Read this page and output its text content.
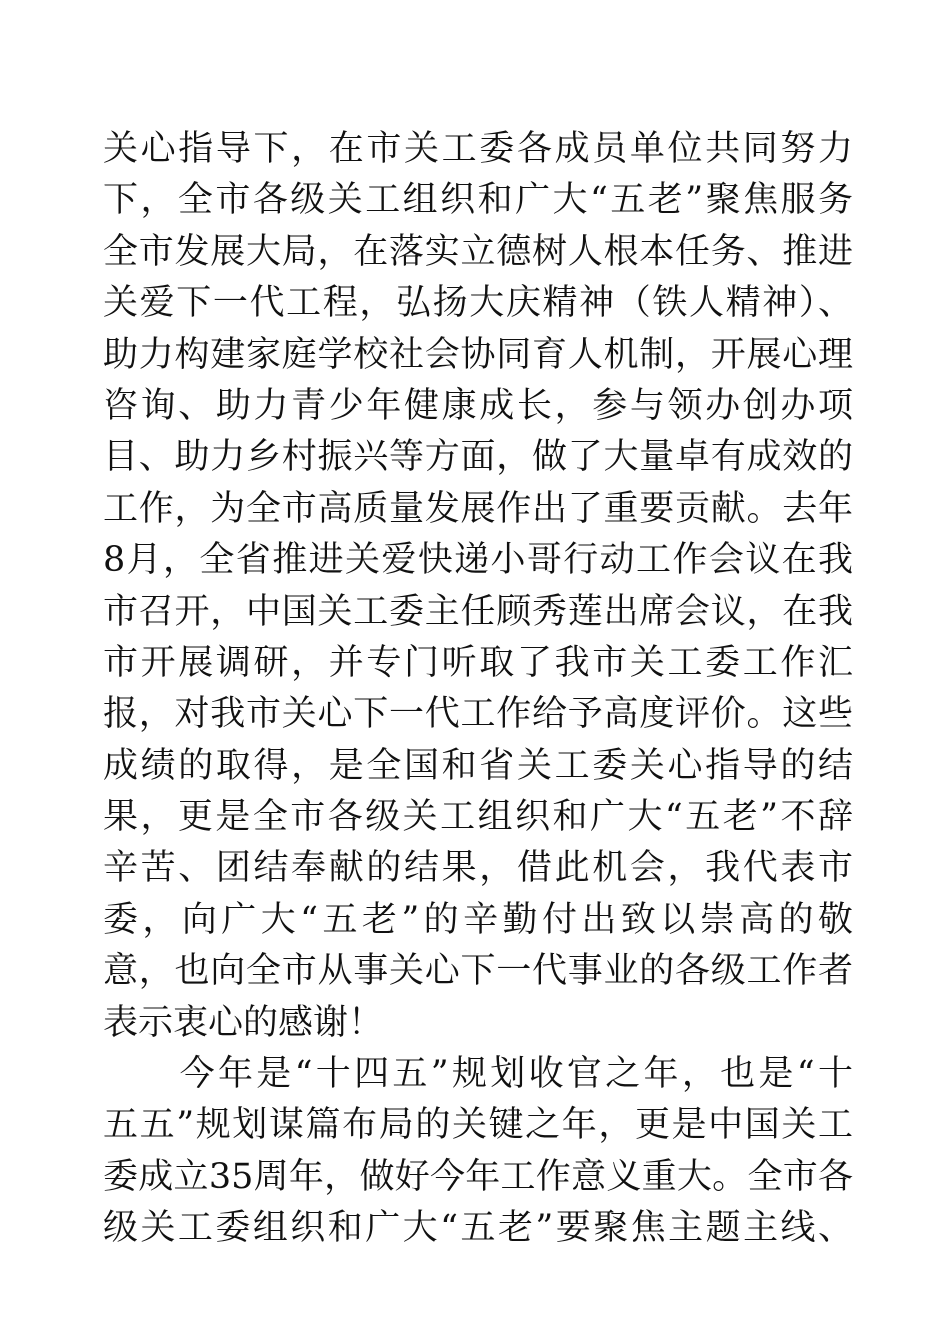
关心指导下，在市关工委各成员单位共同努力
下，全市各级关工组织和广大“五老”聚焦服务
全市发展大局，在落实立德树人根本任务、推进
关爱下一代工程，弘扬大庆精神（铁人精神）、
助力构建家庭学校社会协同育人机制，开展心理
咨询、助力青少年健康成长，参与领办创办项
目、助力乡村振兴等方面，做了大量卓有成效的
工作，为全市高质量发展作出了重要贡献。去年
8月，全省推进关爱快递小哥行动工作会议在我
市召开，中国关工委主任顾秀莲出席会议，在我
市开展调研，并专门听取了我市关工委工作汇
报，对我市关心下一代工作给予高度评价。这些
成绩的取得，是全国和省关工委关心指导的结
果，更是全市各级关工组织和广大“五老”不辞
辛苦、团结奉献的结果，借此机会，我代表市
委，向广大“五老”的辛勤付出致以崇高的敬
意，也向全市从事关心下一代事业的各级工作者
表示衷心的感谢！
　　今年是“十四五”规划收官之年，也是“十
五五”规划谋篇布局的关键之年，更是中国关工
委成立35周年，做好今年工作意义重大。全市各
级关工委组织和广大“五老”要聚焦主题主线、
